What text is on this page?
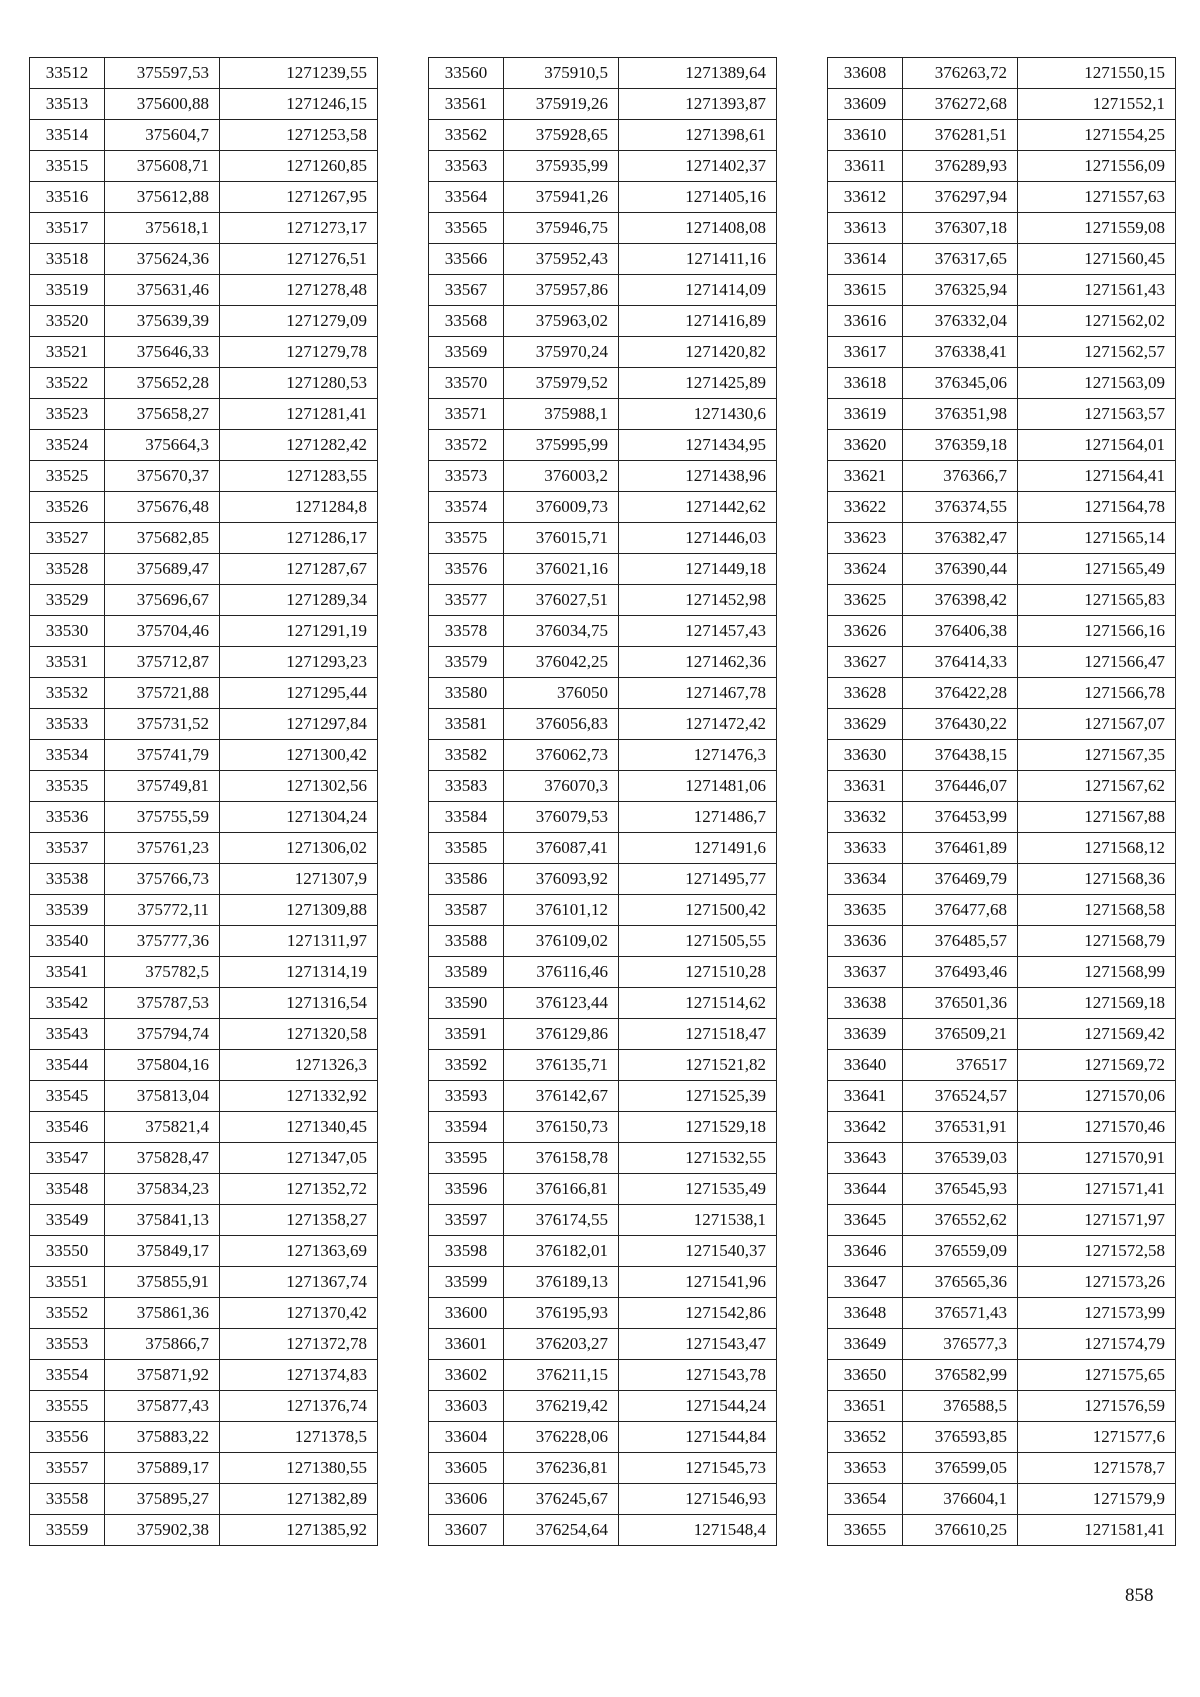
33512	375597,53	1271239,55
33513	375600,88	1271246,15
33514	375604,7	1271253,58
33515	375608,71	1271260,85
33516	375612,88	1271267,95
33517	375618,1	1271273,17
33518	375624,36	1271276,51
33519	375631,46	1271278,48
33520	375639,39	1271279,09
33521	375646,33	1271279,78
33522	375652,28	1271280,53
33523	375658,27	1271281,41
33524	375664,3	1271282,42
33525	375670,37	1271283,55
33526	375676,48	1271284,8
33527	375682,85	1271286,17
33528	375689,47	1271287,67
33529	375696,67	1271289,34
33530	375704,46	1271291,19
33531	375712,87	1271293,23
33532	375721,88	1271295,44
33533	375731,52	1271297,84
33534	375741,79	1271300,42
33535	375749,81	1271302,56
33536	375755,59	1271304,24
33537	375761,23	1271306,02
33538	375766,73	1271307,9
33539	375772,11	1271309,88
33540	375777,36	1271311,97
33541	375782,5	1271314,19
33542	375787,53	1271316,54
33543	375794,74	1271320,58
33544	375804,16	1271326,3
33545	375813,04	1271332,92
33546	375821,4	1271340,45
33547	375828,47	1271347,05
33548	375834,23	1271352,72
33549	375841,13	1271358,27
33550	375849,17	1271363,69
33551	375855,91	1271367,74
33552	375861,36	1271370,42
33553	375866,7	1271372,78
33554	375871,92	1271374,83
33555	375877,43	1271376,74
33556	375883,22	1271378,5
33557	375889,17	1271380,55
33558	375895,27	1271382,89
33559	375902,38	1271385,92
33560	375910,5	1271389,64
33561	375919,26	1271393,87
33562	375928,65	1271398,61
33563	375935,99	1271402,37
33564	375941,26	1271405,16
33565	375946,75	1271408,08
33566	375952,43	1271411,16
33567	375957,86	1271414,09
33568	375963,02	1271416,89
33569	375970,24	1271420,82
33570	375979,52	1271425,89
33571	375988,1	1271430,6
33572	375995,99	1271434,95
33573	376003,2	1271438,96
33574	376009,73	1271442,62
33575	376015,71	1271446,03
33576	376021,16	1271449,18
33577	376027,51	1271452,98
33578	376034,75	1271457,43
33579	376042,25	1271462,36
33580	376050	1271467,78
33581	376056,83	1271472,42
33582	376062,73	1271476,3
33583	376070,3	1271481,06
33584	376079,53	1271486,7
33585	376087,41	1271491,6
33586	376093,92	1271495,77
33587	376101,12	1271500,42
33588	376109,02	1271505,55
33589	376116,46	1271510,28
33590	376123,44	1271514,62
33591	376129,86	1271518,47
33592	376135,71	1271521,82
33593	376142,67	1271525,39
33594	376150,73	1271529,18
33595	376158,78	1271532,55
33596	376166,81	1271535,49
33597	376174,55	1271538,1
33598	376182,01	1271540,37
33599	376189,13	1271541,96
33600	376195,93	1271542,86
33601	376203,27	1271543,47
33602	376211,15	1271543,78
33603	376219,42	1271544,24
33604	376228,06	1271544,84
33605	376236,81	1271545,73
33606	376245,67	1271546,93
33607	376254,64	1271548,4
33608	376263,72	1271550,15
33609	376272,68	1271552,1
33610	376281,51	1271554,25
33611	376289,93	1271556,09
33612	376297,94	1271557,63
33613	376307,18	1271559,08
33614	376317,65	1271560,45
33615	376325,94	1271561,43
33616	376332,04	1271562,02
33617	376338,41	1271562,57
33618	376345,06	1271563,09
33619	376351,98	1271563,57
33620	376359,18	1271564,01
33621	376366,7	1271564,41
33622	376374,55	1271564,78
33623	376382,47	1271565,14
33624	376390,44	1271565,49
33625	376398,42	1271565,83
33626	376406,38	1271566,16
33627	376414,33	1271566,47
33628	376422,28	1271566,78
33629	376430,22	1271567,07
33630	376438,15	1271567,35
33631	376446,07	1271567,62
33632	376453,99	1271567,88
33633	376461,89	1271568,12
33634	376469,79	1271568,36
33635	376477,68	1271568,58
33636	376485,57	1271568,79
33637	376493,46	1271568,99
33638	376501,36	1271569,18
33639	376509,21	1271569,42
33640	376517	1271569,72
33641	376524,57	1271570,06
33642	376531,91	1271570,46
33643	376539,03	1271570,91
33644	376545,93	1271571,41
33645	376552,62	1271571,97
33646	376559,09	1271572,58
33647	376565,36	1271573,26
33648	376571,43	1271573,99
33649	376577,3	1271574,79
33650	376582,99	1271575,65
33651	376588,5	1271576,59
33652	376593,85	1271577,6
33653	376599,05	1271578,7
33654	376604,1	1271579,9
33655	376610,25	1271581,41
858
